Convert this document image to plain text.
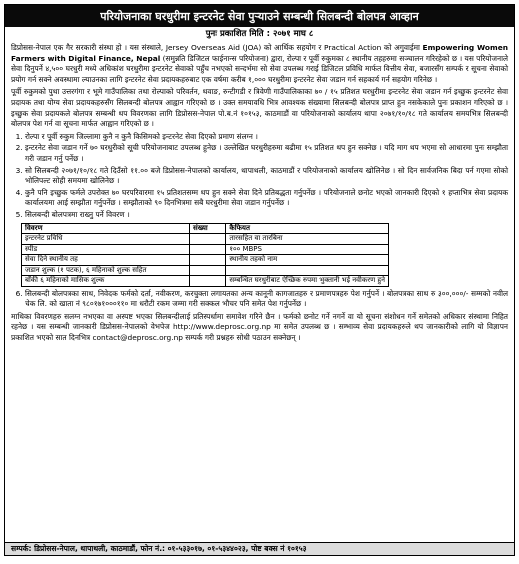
परियोजनाका घरधुरीमा इन्टरनेट सेवा पुऱ्याउने सम्बन्धी सिलबन्दी बोलपत्र आव्हान
पुनः प्रकाशित मिति : २०७१ माघ ८

डिप्रोसस-नेपाल एक गैर सरकारी संस्था हो । यस संस्थाले, Jersey Overseas Aid (JOA) को आर्थिक सहयोग र Practical Action को अगुवाईमा Empowering Women Farmers with Digital Finance, Nepal (समुन्नति डिजिटल फाईनान्स परियोजना) द्वारा, रोल्पा र पूर्वी रुकुमका ८ स्थानीय तहहरुमा सञ्चालन गरिरहेको छ । यस परियोजनाले सेवा दिनुपर्ने ४,५०० घरधुरी मध्ये अधिकांश घरधुरीमा इन्टरनेट सेवाको पहुँच नभएको सन्दर्भमा सो सेवा उपलब्ध गराई डिजिटल प्रविधि मार्फत वित्तीय सेवा, बजारसँग सम्पर्क र सूचना सेवाको प्रयोग गर्न सक्ने अवस्थामा ल्याउनका लागि इन्टरनेट सेवा प्रदायकहरुबाट एक वर्षमा करीब १,००० घरधुरीमा इन्टरनेट सेवा जडान गर्न सहकार्य गर्न सहयोग गरिनेछ ।

पूर्वी रुकुमको पुथा उत्तरगंगा र भूमे गाउँपालिका तथा रोल्पाको परिवर्तन, थवाङ, रुन्टीगडी र त्रिवेणी गाउँपालिकाका ७० / १५ प्रतिशत घरधुरीमा इन्टरनेट सेवा जडान गर्न इच्छुक इन्टरनेट सेवा प्रदायक तथा योग्य सेवा प्रदायकहरुसँग सिलबन्दी बोलपत्र आह्वान गरिएको छ । उक्त समयावधि भित्र आवश्यक संख्यामा सिलबन्दी बोलपत्र प्राप्त हुन नसकेकाले पुनः प्रकाशन गरिएको छ । इच्छुक सेवा प्रदायकले बोलपत्र सम्बन्धी थप विवरणका लागि डिप्रोसस-नेपाल पो.ब.नं १०१५३, काठमाडौं वा परियोजनाको कार्यालय थापा २०७१/१०/१८ गते कार्यालय समयभित्र सिलबन्दी बोलपत्र पेश गर्न वा सूचना मार्फत आह्वान गरिएको छ ।

1. रोल्पा र पूर्वी रुकुम जिल्लामा कुनै न कुनै किसिमको इन्टरनेट सेवा दिएको प्रमाण संलग्न ।
2. इन्टरनेट सेवा जडान गर्ने ७० घरधुरीको सूची परियोजनाबाट उपलब्ध हुनेछ । उल्लेखित घरधुरीहरुमा बढीमा १५ प्रतिशत थप हुन सक्नेछ । यदि माग थप भएमा सो आधारमा पुनः सम्झौता गरी जडान गर्नु पर्नेछ ।
3. सो सिलबन्दी २०७१/१०/१८ गते दिउँसो ११.०० बजे डिप्रोसस-नेपालको कार्यालय, थापाथली, काठमाडौं र परियोजनाको कार्यालय खोलिनेछ । सो दिन सार्वजनिक बिदा पर्न गएमा सोको भोलिपल्ट सोही समयमा खोलिनेछ ।
4. कुनै पनि इच्छुक फर्मले उपरोक्त ७० घरपरिवारमा १५ प्रतिशतसम्म थप हुन सक्ने सेवा दिने प्रतिबद्धता गर्नुपर्नेछ । परियोजनाले छनोट भएको जानकारी दिएको १ हप्ताभित्र सेवा प्रदायक कार्यालयमा आई सम्झौता गर्नुपर्नेछ । सम्झौताको ९० दिनभित्रमा सबै घरधुरीमा सेवा जडान गर्नुपर्नेछ ।
5. सिलबन्दी बोलपत्रमा राख्नु पर्ने विवरण ।
विवरण	संख्या	कैफियत
इन्टरनेट प्रविधि		तारसहित वा तारबिना
स्पीड		१०० MBPS
सेवा दिने स्थानीय तह		स्थानीय तहको नाम
जडान शुल्क (१ पटक), ६ महिनाको शुल्क सहित		
बाँकी ६ महिनाको मासिक शुल्क		सम्बन्धित घरधुरीबाट ऐच्छिक रुपमा भुक्तानी भई नवीकरण हुने
6. सिलबन्दी बोलपत्रका साथ, निवेदक फर्मको दर्ता, नवीकरण, करचुक्ता लगायतका अन्य कानूनी कागजातहरु र प्रमाणपत्रहरु पेश गर्नुपर्ने । बोलपत्रका साथ रु ३००,०००/- सम्मको नवील चेक लि. को खाता नं ९८०१७१०००११० मा धरौटी रकम जम्मा गरी सक्कल भौचर पनि समेत पेश गर्नुपर्नेछ ।

माथिका विवरणहरु सलग्न नभएका वा अस्पष्ट भएका सिलबन्दीलाई प्रतिस्पर्धामा समावेश गरिने छैन । फर्मको छनोट गर्ने नगर्ने वा यो सूचना संशोधन गर्ने समेतको अधिकार संस्थामा निहित रहनेछ । यस सम्बन्धी जानकारी डिप्रोसस-नेपालको वेभपेज http://www.deprosc.org.np मा समेत उपलब्ध छ । सम्भाव्य सेवा प्रदायकहरुले थप जानकारीको लागि यो विज्ञापन प्रकाशित भएको सात दिनभित्र contact@deprosc.org.np सम्पर्क गरी प्रश्नहरु सोधी पठाउन सक्नेछन् ।

सम्पर्क: डिप्रोसस-नेपाल, थापाथली, काठमाडौं, फोन नं.: ०१-५३३०१७, ०१-५३४४०२३, पोष्ट बक्स नं १०१५३
